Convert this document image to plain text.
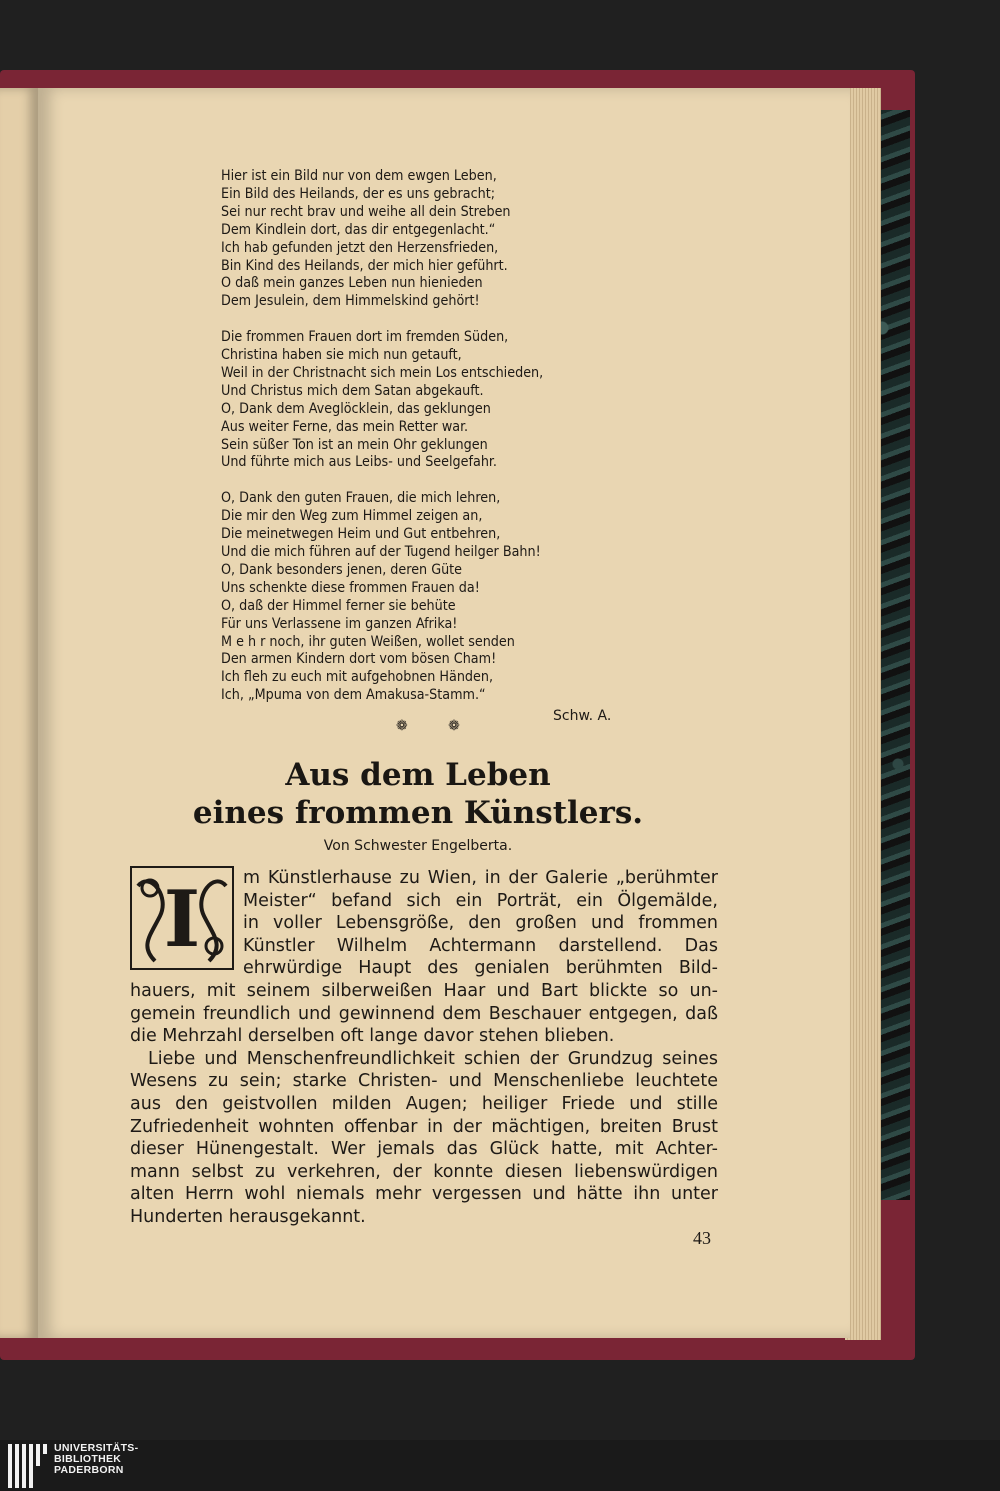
Hier ist ein Bild nur von dem ewgen Leben,
Ein Bild des Heilands, der es uns gebracht;
Sei nur recht brav und weihe all dein Streben
Dem Kindlein dort, das dir entgegenlacht.“
Ich hab gefunden jetzt den Herzensfrieden,
Bin Kind des Heilands, der mich hier geführt.
O daß mein ganzes Leben nun hienieden
Dem Jesulein, dem Himmelskind gehört!
Die frommen Frauen dort im fremden Süden,
Christina haben sie mich nun getauft,
Weil in der Christnacht sich mein Los entschieden,
Und Christus mich dem Satan abgekauft.
O, Dank dem Aveglöcklein, das geklungen
Aus weiter Ferne, das mein Retter war.
Sein süßer Ton ist an mein Ohr geklungen
Und führte mich aus Leibs- und Seelgefahr.
O, Dank den guten Frauen, die mich lehren,
Die mir den Weg zum Himmel zeigen an,
Die meinetwegen Heim und Gut entbehren,
Und die mich führen auf der Tugend heilger Bahn!
O, Dank besonders jenen, deren Güte
Uns schenkte diese frommen Frauen da!
O, daß der Himmel ferner sie behüte
Für uns Verlassene im ganzen Afrika!
M e h r noch, ihr guten Weißen, wollet senden
Den armen Kindern dort vom bösen Cham!
Ich fleh zu euch mit aufgehobnen Händen,
Ich, „Mpuma von dem Amakusa-Stamm.“
Schw. A.
❁ ❁
Aus dem Leben
eines frommen Künstlers.
Von Schwester Engelberta.
I	m Künstlerhause zu Wien, in der Galerie „berühmter
Meister“ befand sich ein Porträt, ein Ölgemälde,
in voller Lebensgröße, den großen und frommen
Künstler Wilhelm Achtermann darstellend. Das
ehrwürdige Haupt des genialen berühmten Bild-
hauers, mit seinem silberweißen Haar und Bart blickte so un-
gemein freundlich und gewinnend dem Beschauer entgegen, daß
die Mehrzahl derselben oft lange davor stehen blieben.
Liebe und Menschenfreundlichkeit schien der Grundzug seines
Wesens zu sein; starke Christen- und Menschenliebe leuchtete
aus den geistvollen milden Augen; heiliger Friede und stille
Zufriedenheit wohnten offenbar in der mächtigen, breiten Brust
dieser Hünengestalt. Wer jemals das Glück hatte, mit Achter-
mann selbst zu verkehren, der konnte diesen liebenswürdigen
alten Herrn wohl niemals mehr vergessen und hätte ihn unter
Hunderten herausgekannt.
43
UNIVERSITÄTS-
BIBLIOTHEK
PADERBORN
